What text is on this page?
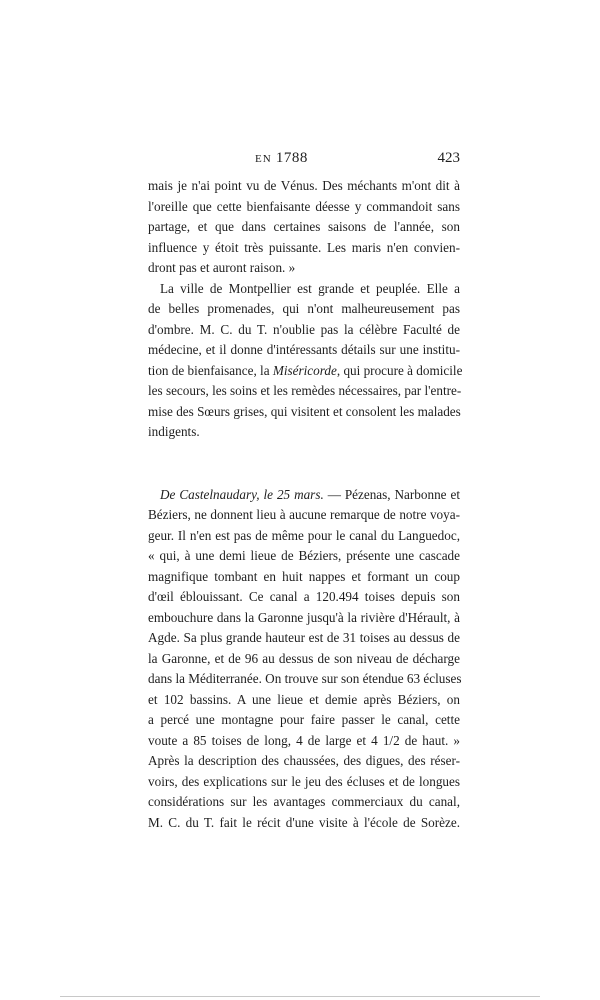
EN 1788	423
mais je n'ai point vu de Vénus. Des méchants m'ont dit à
l'oreille que cette bienfaisante déesse y commandoit sans
partage, et que dans certaines saisons de l'année, son
influence y étoit très puissante. Les maris n'en convien-
dront pas et auront raison. »
La ville de Montpellier est grande et peuplée. Elle a
de belles promenades, qui n'ont malheureusement pas
d'ombre. M. C. du T. n'oublie pas la célèbre Faculté de
médecine, et il donne d'intéressants détails sur une institu-
tion de bienfaisance, la Miséricorde, qui procure à domicile
les secours, les soins et les remèdes nécessaires, par l'entre-
mise des Sœurs grises, qui visitent et consolent les malades
indigents.
De Castelnaudary, le 25 mars. — Pézenas, Narbonne et
Béziers, ne donnent lieu à aucune remarque de notre voya-
geur. Il n'en est pas de même pour le canal du Languedoc,
« qui, à une demi lieue de Béziers, présente une cascade
magnifique tombant en huit nappes et formant un coup
d'œil éblouissant. Ce canal a 120.494 toises depuis son
embouchure dans la Garonne jusqu'à la rivière d'Hérault, à
Agde. Sa plus grande hauteur est de 31 toises au dessus de
la Garonne, et de 96 au dessus de son niveau de décharge
dans la Méditerranée. On trouve sur son étendue 63 écluses
et 102 bassins. A une lieue et demie après Béziers, on
a percé une montagne pour faire passer le canal, cette
voute a 85 toises de long, 4 de large et 4 1/2 de haut. »
Après la description des chaussées, des digues, des réser-
voirs, des explications sur le jeu des écluses et de longues
considérations sur les avantages commerciaux du canal,
M. C. du T. fait le récit d'une visite à l'école de Sorèze.
